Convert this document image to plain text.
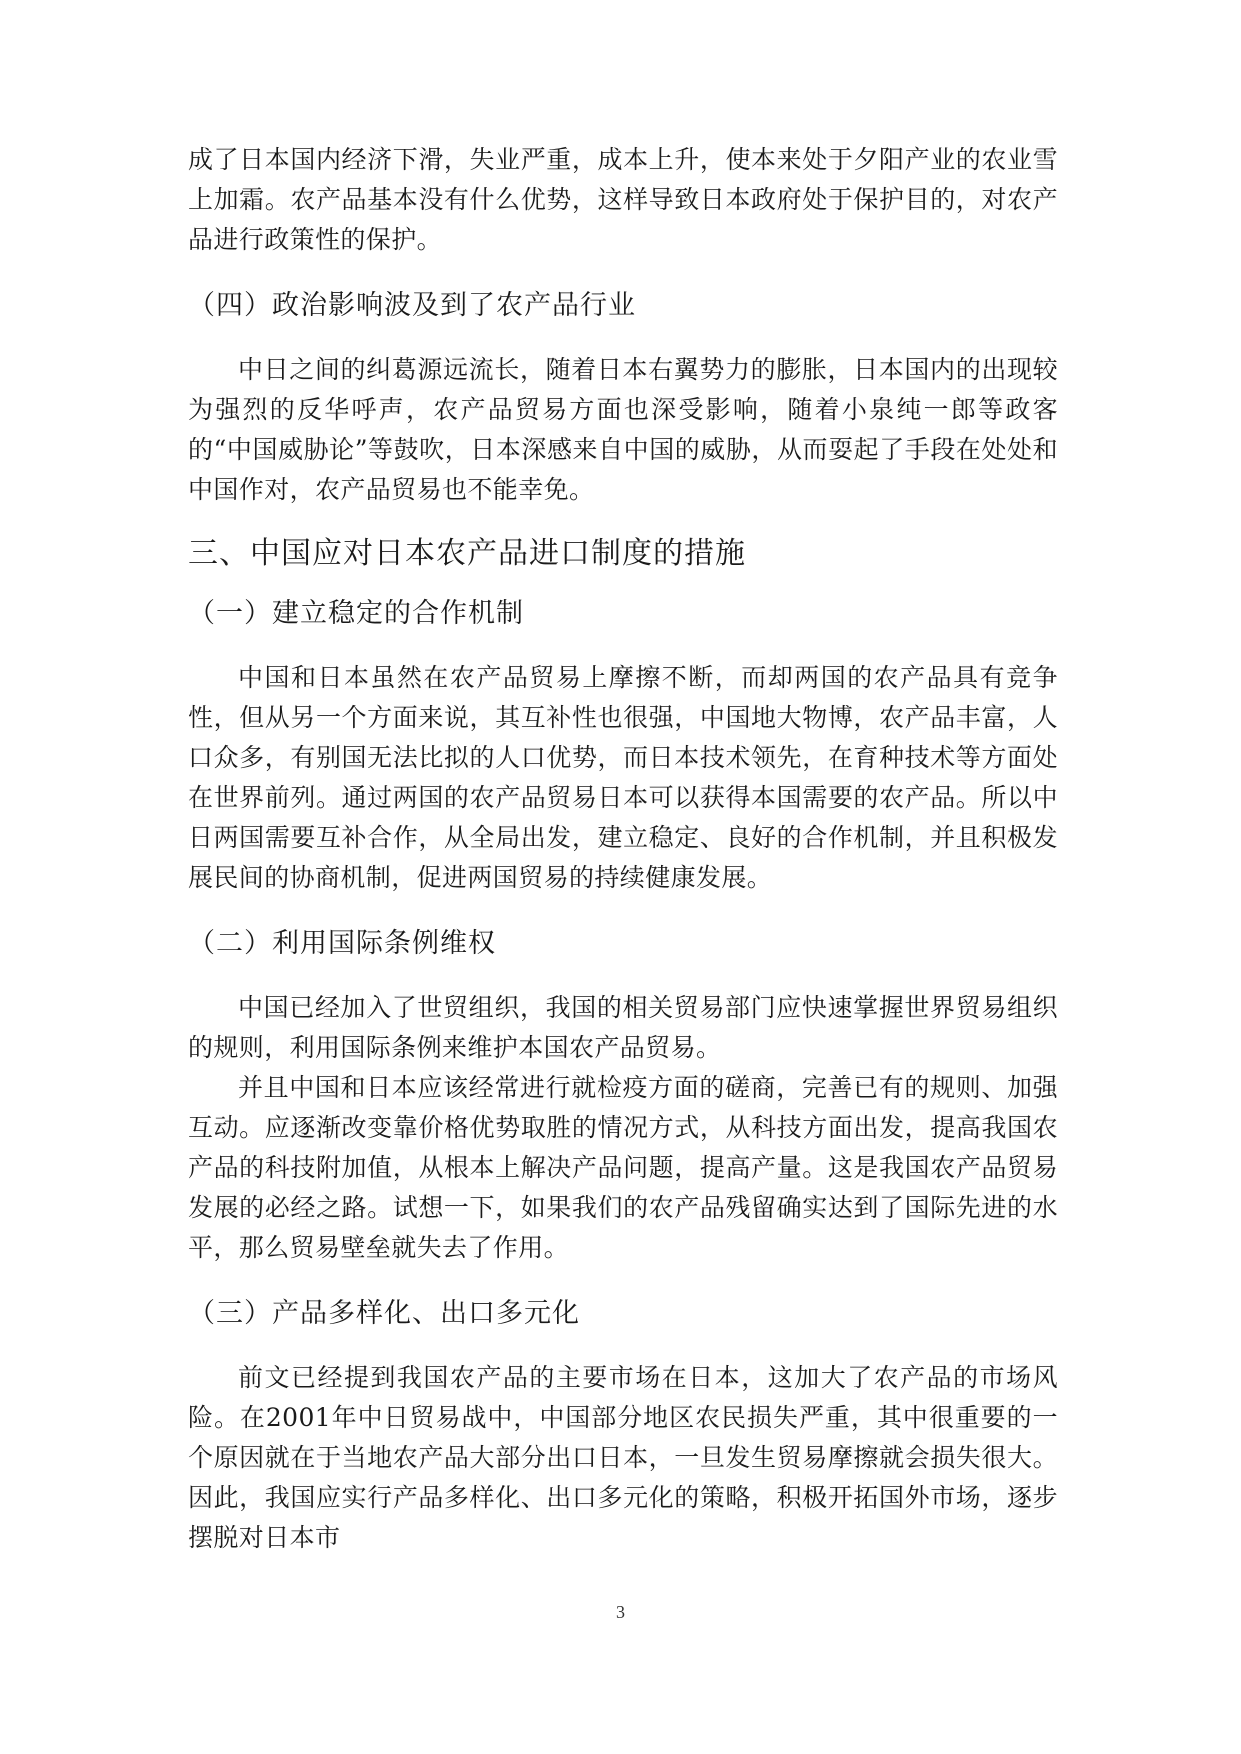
成了日本国内经济下滑，失业严重，成本上升，使本来处于夕阳产业的农业雪上加霜。农产品基本没有什么优势，这样导致日本政府处于保护目的，对农产品进行政策性的保护。

（四）政治影响波及到了农产品行业

中日之间的纠葛源远流长，随着日本右翼势力的膨胀，日本国内的出现较为强烈的反华呼声，农产品贸易方面也深受影响，随着小泉纯一郎等政客的“中国威胁论”等鼓吹，日本深感来自中国的威胁，从而耍起了手段在处处和中国作对，农产品贸易也不能幸免。

三、中国应对日本农产品进口制度的措施
（一）建立稳定的合作机制

中国和日本虽然在农产品贸易上摩擦不断，而却两国的农产品具有竞争性，但从另一个方面来说，其互补性也很强，中国地大物博，农产品丰富，人口众多，有别国无法比拟的人口优势，而日本技术领先，在育种技术等方面处在世界前列。通过两国的农产品贸易日本可以获得本国需要的农产品。所以中日两国需要互补合作，从全局出发，建立稳定、良好的合作机制，并且积极发展民间的协商机制，促进两国贸易的持续健康发展。

（二）利用国际条例维权

中国已经加入了世贸组织，我国的相关贸易部门应快速掌握世界贸易组织的规则，利用国际条例来维护本国农产品贸易。

并且中国和日本应该经常进行就检疫方面的磋商，完善已有的规则、加强互动。应逐渐改变靠价格优势取胜的情况方式，从科技方面出发，提高我国农产品的科技附加值，从根本上解决产品问题，提高产量。这是我国农产品贸易发展的必经之路。试想一下，如果我们的农产品残留确实达到了国际先进的水平，那么贸易壁垒就失去了作用。

（三）产品多样化、出口多元化

前文已经提到我国农产品的主要市场在日本，这加大了农产品的市场风险。在2001年中日贸易战中，中国部分地区农民损失严重，其中很重要的一个原因就在于当地农产品大部分出口日本，一旦发生贸易摩擦就会损失很大。因此，我国应实行产品多样化、出口多元化的策略，积极开拓国外市场，逐步摆脱对日本市

3
